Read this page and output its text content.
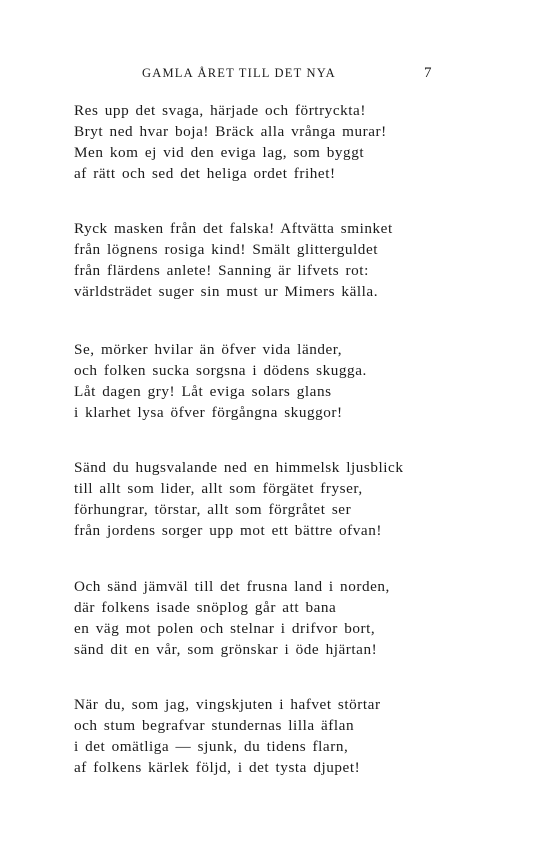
GAMLA ÅRET TILL DET NYA	7
Res upp det svaga, härjade och förtryckta!
Bryt ned hvar boja! Bräck alla vrånga murar!
Men kom ej vid den eviga lag, som byggt
af rätt och sed det heliga ordet frihet!
Ryck masken från det falska! Aftvätta sminket
från lögnens rosiga kind! Smält glitterguldet
från flärdens anlete! Sanning är lifvets rot:
världsträdet suger sin must ur Mimers källa.
Se, mörker hvilar än öfver vida länder,
och folken sucka sorgsna i dödens skugga.
Låt dagen gry! Låt eviga solars glans
i klarhet lysa öfver förgångna skuggor!
Sänd du hugsvalande ned en himmelsk ljusblick
till allt som lider, allt som förgätet fryser,
förhungrar, törstar, allt som förgråtet ser
från jordens sorger upp mot ett bättre ofvan!
Och sänd jämväl till det frusna land i norden,
där folkens isade snöplog går att bana
en väg mot polen och stelnar i drifvor bort,
sänd dit en vår, som grönskar i öde hjärtan!
När du, som jag, vingskjuten i hafvet störtar
och stum begrafvar stundernas lilla äflan
i det omätliga — sjunk, du tidens flarn,
af folkens kärlek följd, i det tysta djupet!
